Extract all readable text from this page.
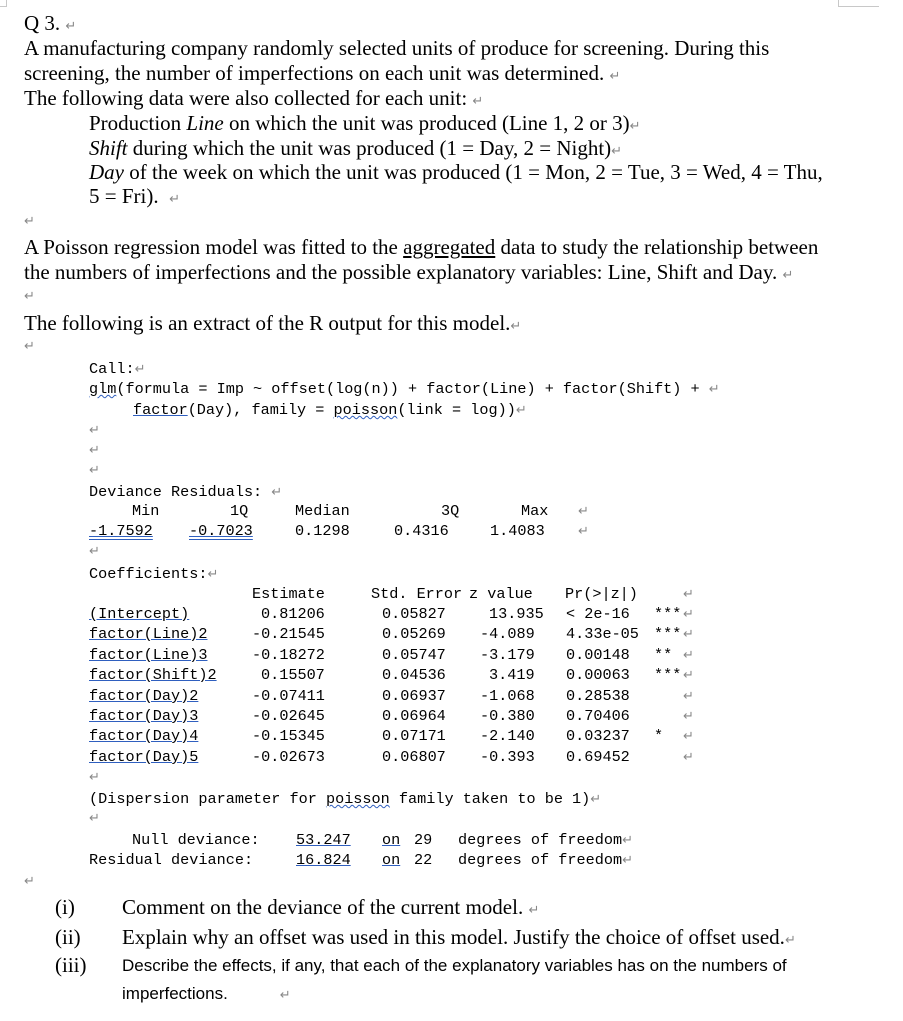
Q 3. ↵
A manufacturing company randomly selected units of produce for screening. During this
screening, the number of imperfections on each unit was determined. ↵
The following data were also collected for each unit: ↵
Production Line on which the unit was produced (Line 1, 2 or 3)↵
Shift during which the unit was produced (1 = Day, 2 = Night)↵
Day of the week on which the unit was produced (1 = Mon, 2 = Tue, 3 = Wed, 4 = Thu,
5 = Fri). ↵
↵
A Poisson regression model was fitted to the aggregated data to study the relationship between
the numbers of imperfections and the possible explanatory variables: Line, Shift and Day. ↵
↵
The following is an extract of the R output for this model.↵
↵
Call:↵
glm(formula = Imp ~ offset(log(n)) + factor(Line) + factor(Shift) + ↵
factor(Day), family = poisson(link = log))↵
↵
↵
↵
Deviance Residuals: ↵
Min	1Q	Median	3Q	Max ↵
-1.7592 -0.7023	0.1298	0.4316	1.4083	↵
↵
Coefficients:↵
Estimate	Std. Error z value Pr(>|z|)	↵
(Intercept)	0.81206	0.05827	13.935 < 2e-16 *** ↵
factor(Line)2	-0.21545	0.05269 -4.089 4.33e-05 *** ↵
factor(Line)3	-0.18272	0.05747 -3.179 0.00148 ** ↵
factor(Shift)2	0.15507	0.04536	3.419 0.00063 *** ↵
factor(Day)2	-0.07411	0.06937 -1.068 0.28538	↵
factor(Day)3	-0.02645	0.06964 -0.380 0.70406	↵
factor(Day)4	-0.15345	0.07171 -2.140 0.03237 * ↵
factor(Day)5	-0.02673	0.06807 -0.393 0.69452	↵
↵
(Dispersion parameter for poisson family taken to be 1)↵
↵
Null deviance: 53.247 on 29 degrees of freedom↵
Residual deviance:	16.824 on 22 degrees of freedom↵
↵
(i) Comment on the deviance of the current model. ↵
(ii) Explain why an offset was used in this model. Justify the choice of offset used.↵
(iii) Describe the effects, if any, that each of the explanatory variables has on the numbers of
imperfections.	↵
